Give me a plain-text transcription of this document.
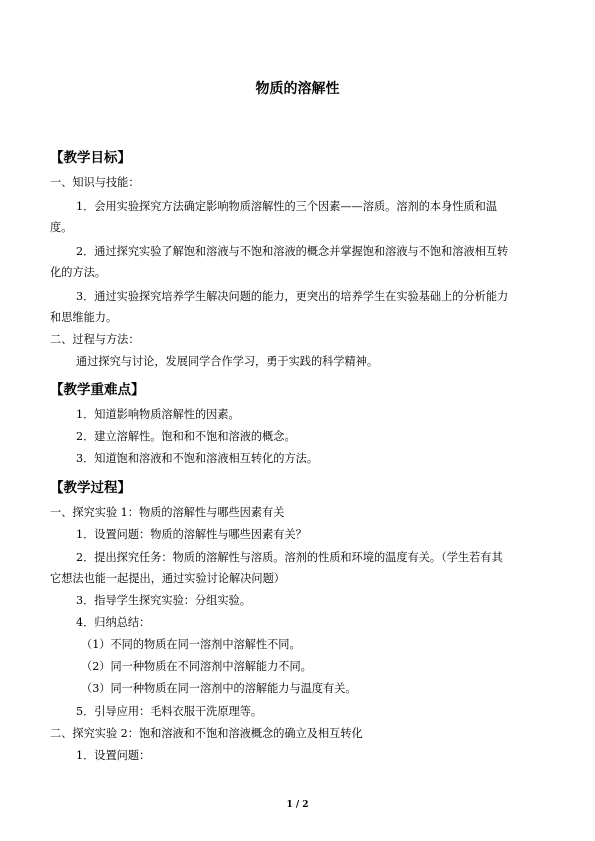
物质的溶解性
【教学目标】
一、知识与技能：
1．会用实验探究方法确定影响物质溶解性的三个因素——溶质。溶剂的本身性质和温
度。
2．通过探究实验了解饱和溶液与不饱和溶液的概念并掌握饱和溶液与不饱和溶液相互转
化的方法。
3．通过实验探究培养学生解决问题的能力，更突出的培养学生在实验基础上的分析能力
和思维能力。
二、过程与方法：
通过探究与讨论，发展同学合作学习，勇于实践的科学精神。
【教学重难点】
1．知道影响物质溶解性的因素。
2．建立溶解性。饱和和不饱和溶液的概念。
3．知道饱和溶液和不饱和溶液相互转化的方法。
【教学过程】
一、探究实验 1：物质的溶解性与哪些因素有关
1．设置问题：物质的溶解性与哪些因素有关？
2．提出探究任务：物质的溶解性与溶质。溶剂的性质和环境的温度有关。（学生若有其
它想法也能一起提出，通过实验讨论解决问题）
3．指导学生探究实验：分组实验。
4．归纳总结：
（1）不同的物质在同一溶剂中溶解性不同。
（2）同一种物质在不同溶剂中溶解能力不同。
（3）同一种物质在同一溶剂中的溶解能力与温度有关。
5．引导应用：毛料衣服干洗原理等。
二、探究实验 2：饱和溶液和不饱和溶液概念的确立及相互转化
1．设置问题：
1 / 2
